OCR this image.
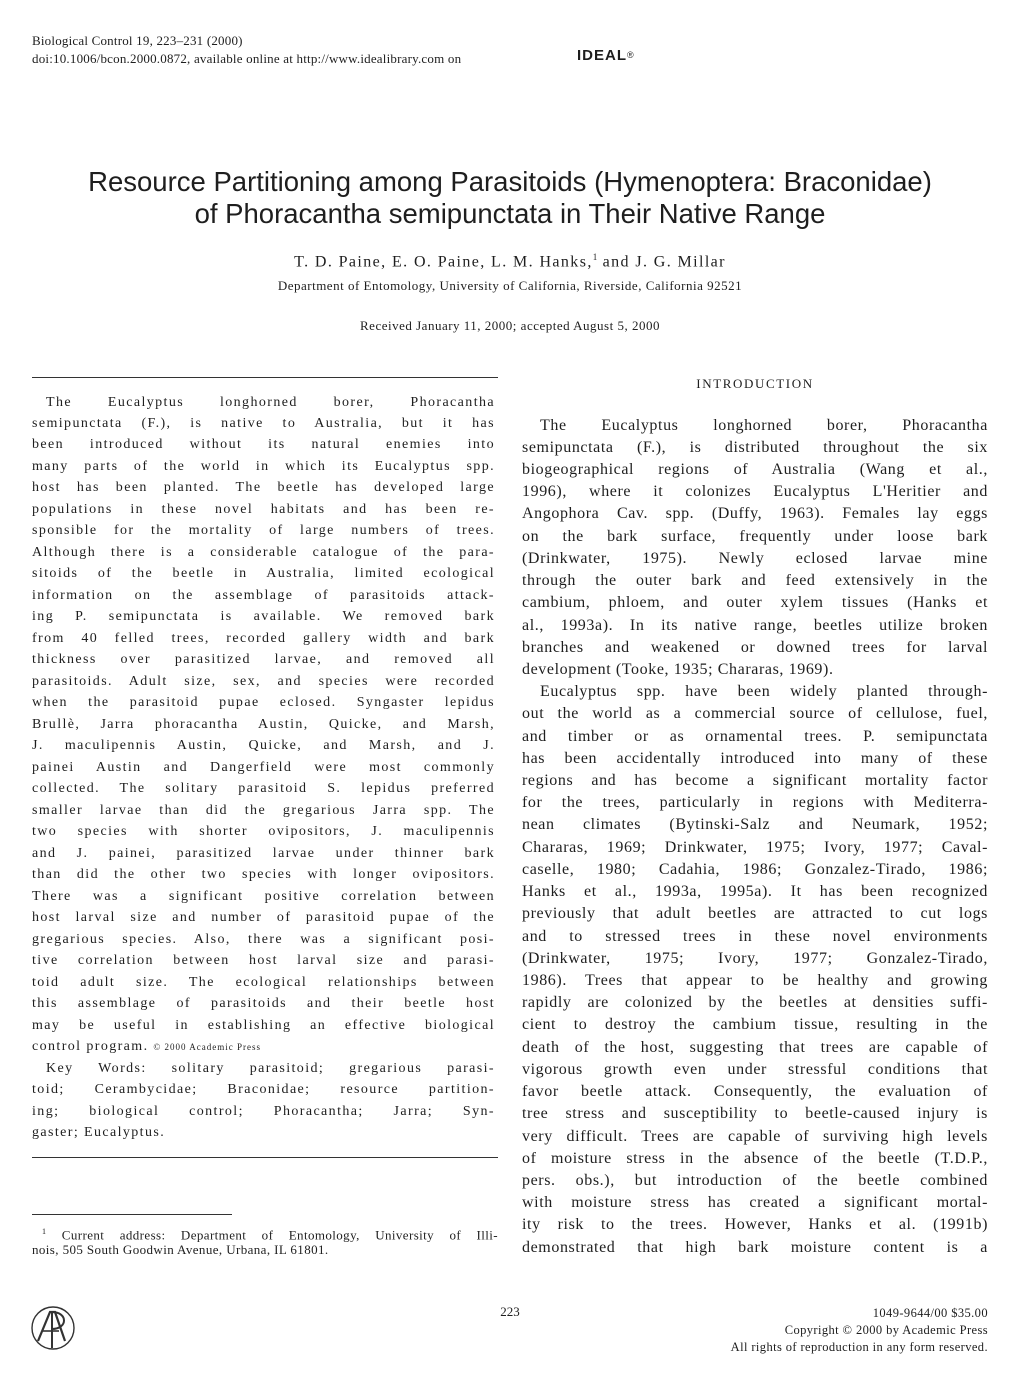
Biological Control 19, 223–231 (2000)
doi:10.1006/bcon.2000.0872, available online at http://www.idealibrary.com on	IDEAL®
Resource Partitioning among Parasitoids (Hymenoptera: Braconidae)
of Phoracantha semipunctata in Their Native Range
T. D. Paine, E. O. Paine, L. M. Hanks,$^1$ and J. G. Millar
Department of Entomology, University of California, Riverside, California 92521
Received January 11, 2000; accepted August 5, 2000
The Eucalyptus longhorned borer, Phoracantha
semipunctata (F.), is native to Australia, but it has
been introduced without its natural enemies into
many parts of the world in which its Eucalyptus spp.
host has been planted. The beetle has developed large
populations in these novel habitats and has been re-
sponsible for the mortality of large numbers of trees.
Although there is a considerable catalogue of the para-
sitoids of the beetle in Australia, limited ecological
information on the assemblage of parasitoids attack-
ing P. semipunctata is available. We removed bark
from 40 felled trees, recorded gallery width and bark
thickness over parasitized larvae, and removed all
parasitoids. Adult size, sex, and species were recorded
when the parasitoid pupae eclosed. Syngaster lepidus
Brullè, Jarra phoracantha Austin, Quicke, and Marsh,
J. maculipennis Austin, Quicke, and Marsh, and J.
painei Austin and Dangerfield were most commonly
collected. The solitary parasitoid S. lepidus preferred
smaller larvae than did the gregarious Jarra spp. The
two species with shorter ovipositors, J. maculipennis
and J. painei, parasitized larvae under thinner bark
than did the other two species with longer ovipositors.
There was a significant positive correlation between
host larval size and number of parasitoid pupae of the
gregarious species. Also, there was a significant posi-
tive correlation between host larval size and parasi-
toid adult size. The ecological relationships between
this assemblage of parasitoids and their beetle host
may be useful in establishing an effective biological
control program. © 2000 Academic Press
Key Words: solitary parasitoid; gregarious parasi-
toid; Cerambycidae; Braconidae; resource partition-
ing; biological control; Phoracantha; Jarra; Syn-
gaster; Eucalyptus.
$^1$ Current address: Department of Entomology, University of Illi-
nois, 505 South Goodwin Avenue, Urbana, IL 61801.
INTRODUCTION
The Eucalyptus longhorned borer, Phoracantha
semipunctata (F.), is distributed throughout the six
biogeographical regions of Australia (Wang et al.,
1996), where it colonizes Eucalyptus L'Heritier and
Angophora Cav. spp. (Duffy, 1963). Females lay eggs
on the bark surface, frequently under loose bark
(Drinkwater, 1975). Newly eclosed larvae mine
through the outer bark and feed extensively in the
cambium, phloem, and outer xylem tissues (Hanks et
al., 1993a). In its native range, beetles utilize broken
branches and weakened or downed trees for larval
development (Tooke, 1935; Chararas, 1969).
Eucalyptus spp. have been widely planted through-
out the world as a commercial source of cellulose, fuel,
and timber or as ornamental trees. P. semipunctata
has been accidentally introduced into many of these
regions and has become a significant mortality factor
for the trees, particularly in regions with Mediterra-
nean climates (Bytinski-Salz and Neumark, 1952;
Chararas, 1969; Drinkwater, 1975; Ivory, 1977; Caval-
caselle, 1980; Cadahia, 1986; Gonzalez-Tirado, 1986;
Hanks et al., 1993a, 1995a). It has been recognized
previously that adult beetles are attracted to cut logs
and to stressed trees in these novel environments
(Drinkwater, 1975; Ivory, 1977; Gonzalez-Tirado,
1986). Trees that appear to be healthy and growing
rapidly are colonized by the beetles at densities suffi-
cient to destroy the cambium tissue, resulting in the
death of the host, suggesting that trees are capable of
vigorous growth even under stressful conditions that
favor beetle attack. Consequently, the evaluation of
tree stress and susceptibility to beetle-caused injury is
very difficult. Trees are capable of surviving high levels
of moisture stress in the absence of the beetle (T.D.P.,
pers. obs.), but introduction of the beetle combined
with moisture stress has created a significant mortal-
ity risk to the trees. However, Hanks et al. (1991b)
demonstrated that high bark moisture content is a
223	1049-9644/00 $35.00
Copyright © 2000 by Academic Press
All rights of reproduction in any form reserved.
